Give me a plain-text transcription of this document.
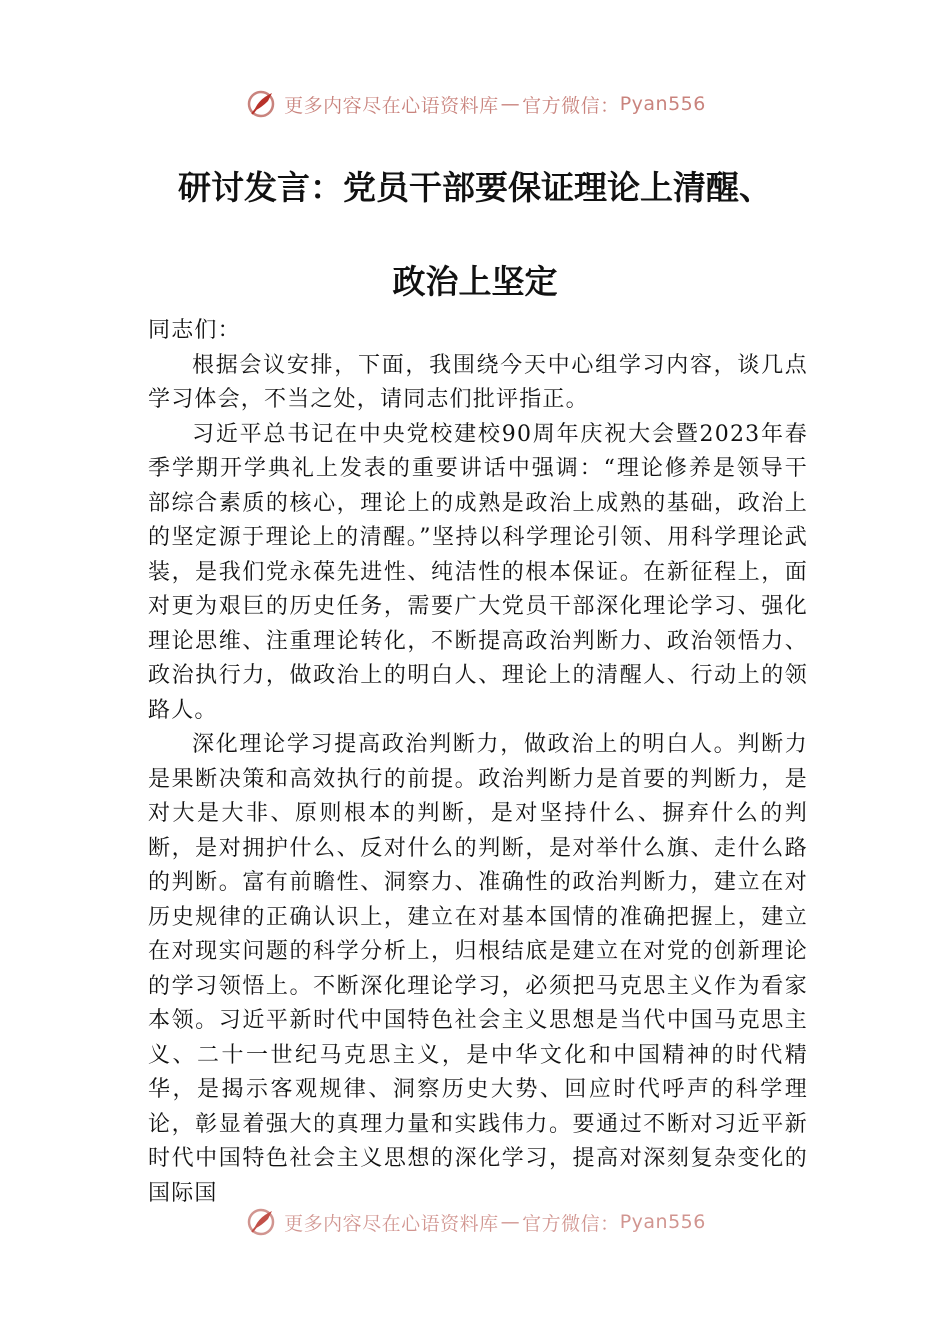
更多内容尽在心语资料库 — 官方微信： Pyan556
研讨发言：党员干部要保证理论上清醒、
政治上坚定

同志们：

根据会议安排，下面，我围绕今天中心组学习内容，谈几点学习体会，不当之处，请同志们批评指正。

习近平总书记在中央党校建校90周年庆祝大会暨2023年春季学期开学典礼上发表的重要讲话中强调：“理论修养是领导干部综合素质的核心，理论上的成熟是政治上成熟的基础，政治上的坚定源于理论上的清醒。”坚持以科学理论引领、用科学理论武装，是我们党永葆先进性、纯洁性的根本保证。在新征程上，面对更为艰巨的历史任务，需要广大党员干部深化理论学习、强化理论思维、注重理论转化，不断提高政治判断力、政治领悟力、政治执行力，做政治上的明白人、理论上的清醒人、行动上的领路人。

深化理论学习提高政治判断力，做政治上的明白人。判断力是果断决策和高效执行的前提。政治判断力是首要的判断力，是对大是大非、原则根本的判断，是对坚持什么、摒弃什么的判断，是对拥护什么、反对什么的判断，是对举什么旗、走什么路的判断。富有前瞻性、洞察力、准确性的政治判断力，建立在对历史规律的正确认识上，建立在对基本国情的准确把握上，建立在对现实问题的科学分析上，归根结底是建立在对党的创新理论的学习领悟上。不断深化理论学习，必须把马克思主义作为看家本领。习近平新时代中国特色社会主义思想是当代中国马克思主义、二十一世纪马克思主义，是中华文化和中国精神的时代精华，是揭示客观规律、洞察历史大势、回应时代呼声的科学理论，彰显着强大的真理力量和实践伟力。要通过不断对习近平新时代中国特色社会主义思想的深化学习，提高对深刻复杂变化的国际国

更多内容尽在心语资料库 — 官方微信： Pyan556
